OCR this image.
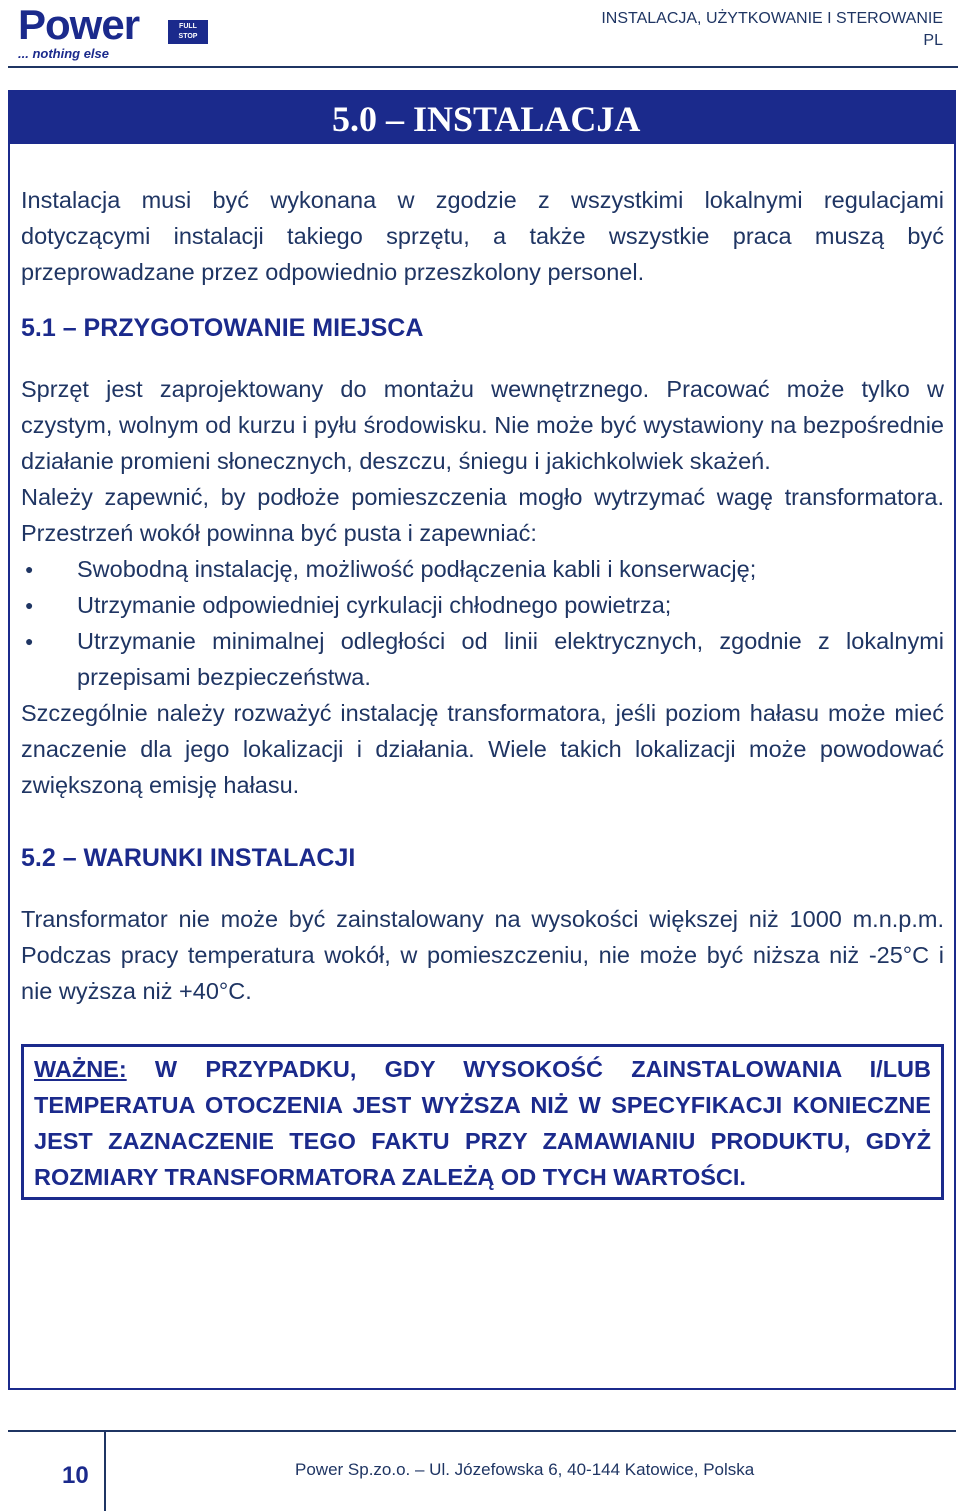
Power	FULL
STOP
... nothing else
INSTALACJA, UŻYTKOWANIE I STEROWANIE
PL
5.0 – INSTALACJA

Instalacja musi być wykonana w zgodzie z wszystkimi lokalnymi regulacjami dotyczącymi instalacji takiego sprzętu, a także wszystkie praca muszą być przeprowadzane przez odpowiednio przeszkolony personel.

5.1 – PRZYGOTOWANIE MIEJSCA

Sprzęt jest zaprojektowany do montażu wewnętrznego. Pracować może tylko w czystym, wolnym od kurzu i pyłu środowisku. Nie może być wystawiony na bezpośrednie działanie promieni słonecznych, deszczu, śniegu i jakichkolwiek skażeń.

Należy zapewnić, by podłoże pomieszczenia mogło wytrzymać wagę transformatora. Przestrzeń wokół powinna być pusta i zapewniać:

● Swobodną instalację, możliwość podłączenia kabli i konserwację;
● Utrzymanie odpowiedniej cyrkulacji chłodnego powietrza;
● Utrzymanie minimalnej odległości od linii elektrycznych, zgodnie z lokalnymi przepisami bezpieczeństwa.

Szczególnie należy rozważyć instalację transformatora, jeśli poziom hałasu może mieć znaczenie dla jego lokalizacji i działania. Wiele takich lokalizacji może powodować zwiększoną emisję hałasu.

5.2 – WARUNKI INSTALACJI

Transformator nie może być zainstalowany na wysokości większej niż 1000 m.n.p.m. Podczas pracy temperatura wokół, w pomieszczeniu, nie może być niższa niż -25°C i nie wyższa niż +40°C.

WAŻNE: W PRZYPADKU, GDY WYSOKOŚĆ ZAINSTALOWANIA I/LUB TEMPERATUA OTOCZENIA JEST WYŻSZA NIŻ W SPECYFIKACJI KONIECZNE JEST ZAZNACZENIE TEGO FAKTU PRZY ZAMAWIANIU PRODUKTU, GDYŻ ROZMIARY TRANSFORMATORA ZALEŻĄ OD TYCH WARTOŚCI.
10	Power Sp.zo.o. – Ul. Józefowska 6, 40-144 Katowice, Polska
